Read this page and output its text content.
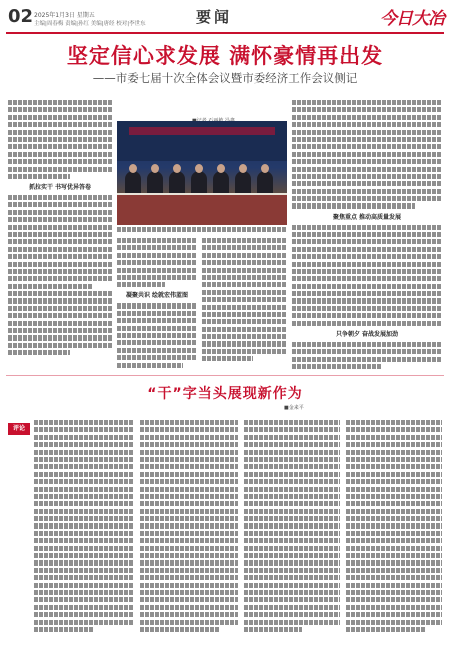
02 2025年1月3日 星期五
主编|周春梅 责编|孙红 美编|唐经 校对|李世东	要闻	今日大冶
坚定信心求发展 满怀豪情再出发
——市委七届十次全体会议暨市委经济工作会议侧记
抓拉实干 书写优异答卷
凝聚共识 绘就宏伟蓝图
聚焦重点 推动高质量发展
只争朝夕 奋战发展加劲
“干”字当头展现新作为
■金来平
评论
